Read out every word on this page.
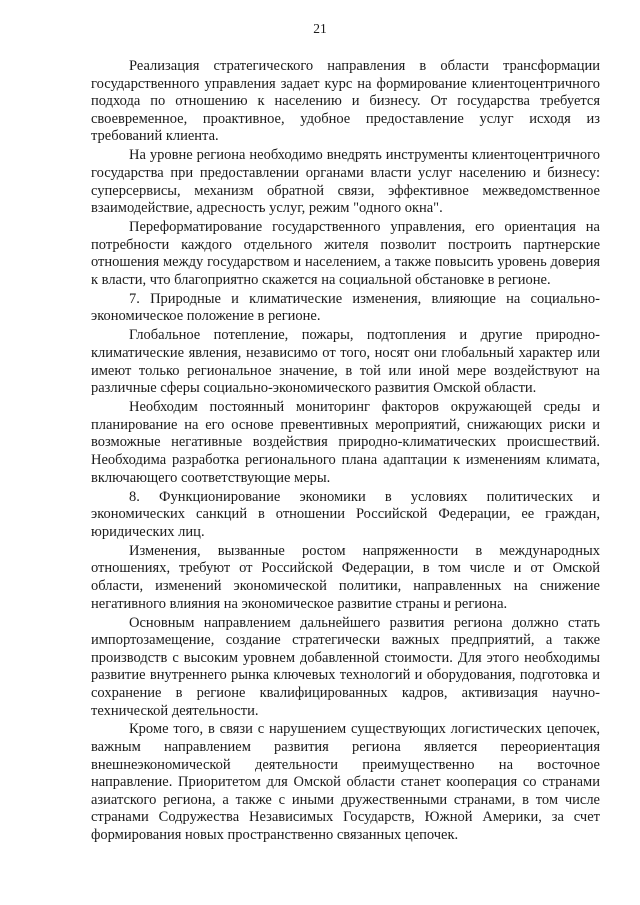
21

Реализация стратегического направления в области трансформации государственного управления задает курс на формирование клиентоцентричного подхода по отношению к населению и бизнесу. От государства требуется своевременное, проактивное, удобное предоставление услуг исходя из требований клиента.

На уровне региона необходимо внедрять инструменты клиентоцентричного государства при предоставлении органами власти услуг населению и бизнесу: суперсервисы, механизм обратной связи, эффективное межведомственное взаимодействие, адресность услуг, режим "одного окна".

Переформатирование государственного управления, его ориентация на потребности каждого отдельного жителя позволит построить партнерские отношения между государством и населением, а также повысить уровень доверия к власти, что благоприятно скажется на социальной обстановке в регионе.

7. Природные и климатические изменения, влияющие на социально-экономическое положение в регионе.

Глобальное потепление, пожары, подтопления и другие природно-климатические явления, независимо от того, носят они глобальный характер или имеют только региональное значение, в той или иной мере воздействуют на различные сферы социально-экономического развития Омской области.

Необходим постоянный мониторинг факторов окружающей среды и планирование на его основе превентивных мероприятий, снижающих риски и возможные негативные воздействия природно-климатических происшествий. Необходима разработка регионального плана адаптации к изменениям климата, включающего соответствующие меры.

8. Функционирование экономики в условиях политических и экономических санкций в отношении Российской Федерации, ее граждан, юридических лиц.

Изменения, вызванные ростом напряженности в международных отношениях, требуют от Российской Федерации, в том числе и от Омской области, изменений экономической политики, направленных на снижение негативного влияния на экономическое развитие страны и региона.

Основным направлением дальнейшего развития региона должно стать импортозамещение, создание стратегически важных предприятий, а также производств с высоким уровнем добавленной стоимости. Для этого необходимы развитие внутреннего рынка ключевых технологий и оборудования, подготовка и сохранение в регионе квалифицированных кадров, активизация научно-технической деятельности.

Кроме того, в связи с нарушением существующих логистических цепочек, важным направлением развития региона является переориентация внешнеэкономической деятельности преимущественно на восточное направление. Приоритетом для Омской области станет кооперация со странами азиатского региона, а также с иными дружественными странами, в том числе странами Содружества Независимых Государств, Южной Америки, за счет формирования новых пространственно связанных цепочек.
